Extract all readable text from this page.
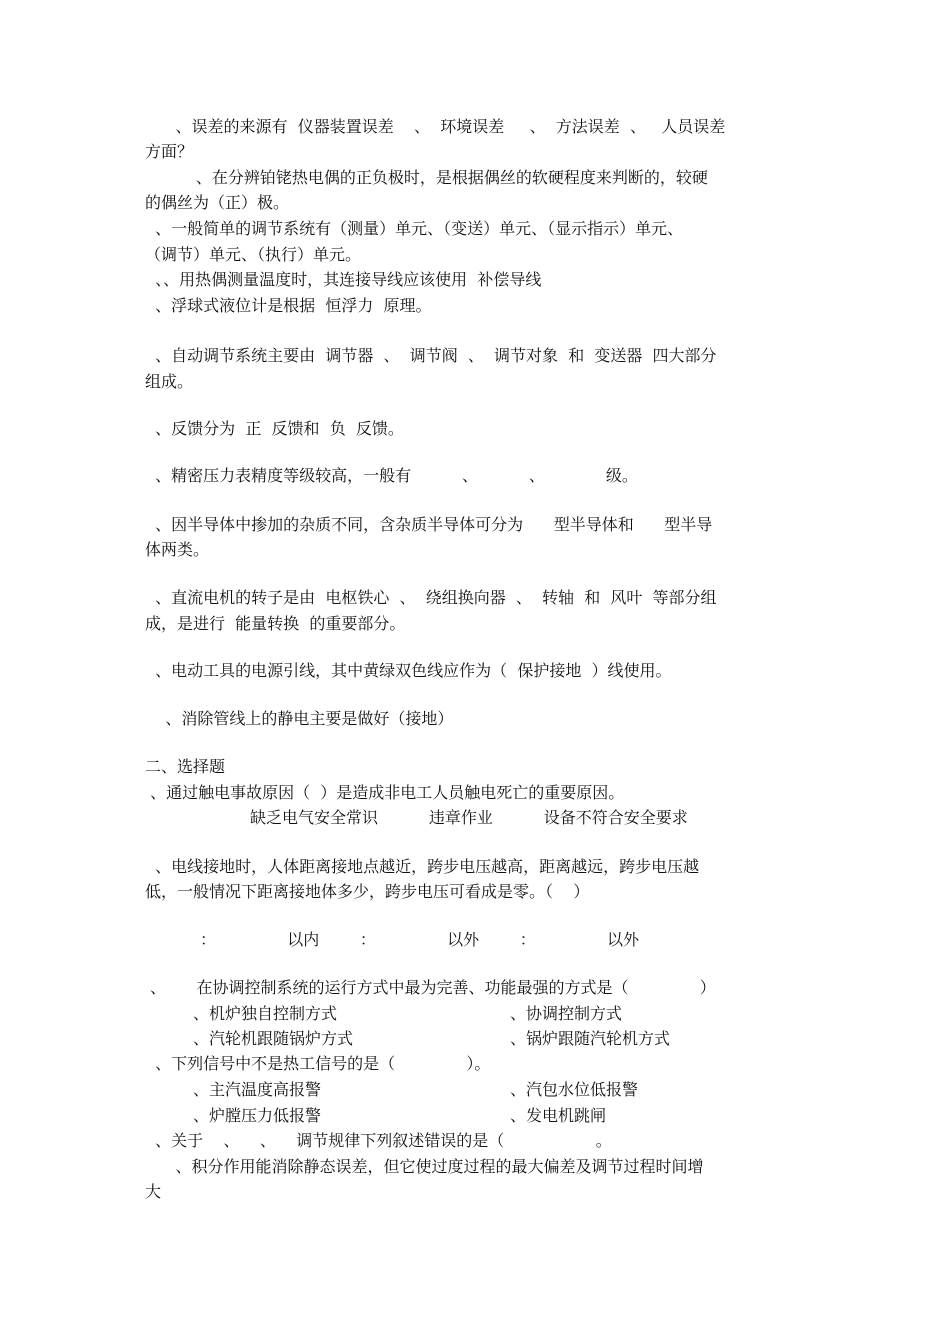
、误差的来源有  仪器装置误差    、  环境误差     、  方法误差  、   人员误差
方面？
、在分辨铂铑热电偶的正负极时，是根据偶丝的软硬程度来判断的，较硬
的偶丝为（正）极。
、一般简单的调节系统有（测量）单元、（变送）单元、（显示指示）单元、
（调节）单元、（执行）单元。
、、用热偶测量温度时，其连接导线应该使用  补偿导线
、浮球式液位计是根据  恒浮力  原理。
、自动调节系统主要由  调节器  、  调节阀  、  调节对象  和  变送器  四大部分
组成。
、反馈分为  正  反馈和  负  反馈。
、精密压力表精度等级较高，一般有          、          、            级。
、因半导体中掺加的杂质不同，含杂质半导体可分为      型半导体和      型半导
体两类。
、直流电机的转子是由  电枢铁心  、  绕组换向器  、  转轴  和  风叶  等部分组
成，是进行  能量转换  的重要部分。
、电动工具的电源引线，其中黄绿双色线应作为（  保护接地  ）线使用。
、消除管线上的静电主要是做好（接地）
二、选择题
、通过触电事故原因（  ）是造成非电工人员触电死亡的重要原因。
缺乏电气安全常识          违章作业          设备不符合安全要求
、电线接地时，人体距离接地点越近，跨步电压越高，距离越远，跨步电压越
低，一般情况下距离接地体多少，跨步电压可看成是零。（    ）
：              以内        ：              以外        ：              以外
、      在协调控制系统的运行方式中最为完善、功能最强的方式是（              ）
、机炉独自控制方式	、协调控制方式
、汽轮机跟随锅炉方式	、锅炉跟随汽轮机方式
、下列信号中不是热工信号的是（              ）。
、主汽温度高报警	、汽包水位低报警
、炉膛压力低报警	、发电机跳闸
、关于    、    、    调节规律下列叙述错误的是（                  。
、积分作用能消除静态误差，但它使过度过程的最大偏差及调节过程时间增
大
